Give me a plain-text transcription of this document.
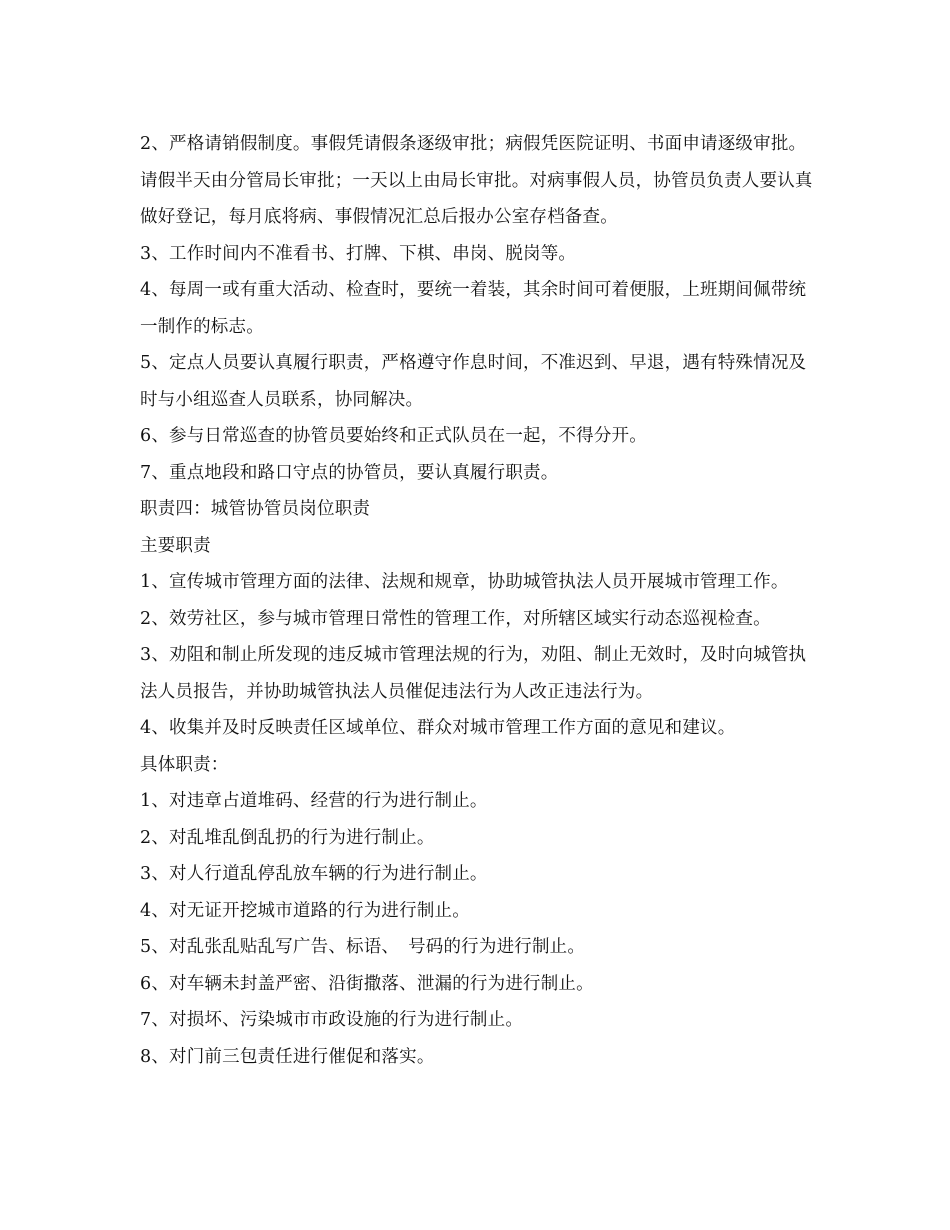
2、严格请销假制度。事假凭请假条逐级审批；病假凭医院证明、书面申请逐级审批。请假半天由分管局长审批；一天以上由局长审批。对病事假人员，协管员负责人要认真做好登记，每月底将病、事假情况汇总后报办公室存档备查。

3、工作时间内不准看书、打牌、下棋、串岗、脱岗等。

4、每周一或有重大活动、检查时，要统一着装，其余时间可着便服，上班期间佩带统一制作的标志。

5、定点人员要认真履行职责，严格遵守作息时间，不准迟到、早退，遇有特殊情况及时与小组巡查人员联系，协同解决。

6、参与日常巡查的协管员要始终和正式队员在一起，不得分开。

7、重点地段和路口守点的协管员，要认真履行职责。

职责四：城管协管员岗位职责

主要职责

1、宣传城市管理方面的法律、法规和规章，协助城管执法人员开展城市管理工作。

2、效劳社区，参与城市管理日常性的管理工作，对所辖区域实行动态巡视检查。

3、劝阻和制止所发现的违反城市管理法规的行为，劝阻、制止无效时，及时向城管执法人员报告，并协助城管执法人员催促违法行为人改正违法行为。

4、收集并及时反映责任区域单位、群众对城市管理工作方面的意见和建议。

具体职责：

1、对违章占道堆码、经营的行为进行制止。

2、对乱堆乱倒乱扔的行为进行制止。

3、对人行道乱停乱放车辆的行为进行制止。

4、对无证开挖城市道路的行为进行制止。

5、对乱张乱贴乱写广告、标语、　号码的行为进行制止。

6、对车辆未封盖严密、沿街撒落、泄漏的行为进行制止。

7、对损坏、污染城市市政设施的行为进行制止。

8、对门前三包责任进行催促和落实。
